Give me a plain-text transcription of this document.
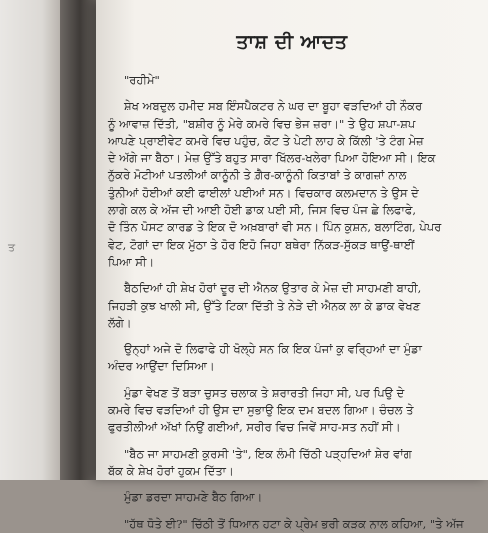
ਤ
ਤਾਸ਼ ਦੀ ਆਦਤ
"ਰਹੀਮੇ"
ਸ਼ੇਖ ਅਬਦੁਲ ਹਮੀਦ ਸਬ ਇੰਸਪੈਕਟਰ ਨੇ ਘਰ ਦਾ ਬੂਹਾ ਵੜਦਿਆਂ ਹੀ ਨੌਕਰ
ਨੂੰ ਆਵਾਜ਼ ਦਿੱਤੀ, "ਬਸ਼ੀਰ ਨੂੰ ਮੇਰੇ ਕਮਰੇ ਵਿਚ ਭੇਜ ਜ਼ਰਾ।" ਤੇ ਉਹ ਸ਼ਪਾ-ਸ਼ਪ
ਆਪਣੇ ਪ੍ਰਾਈਵੇਟ ਕਮਰੇ ਵਿਚ ਪਹੁੰਚ, ਕੋਟ ਤੇ ਪੇਟੀ ਲਾਹ ਕੇ ਕਿੱਲੀ 'ਤੇ ਟੰਗ ਮੇਜ਼
ਦੇ ਅੱਗੇ ਜਾ ਬੈਠਾ। ਮੇਜ਼ ਉੱਤੇ ਬਹੁਤ ਸਾਰਾ ਖਿੱਲਰ-ਖਲੇਰਾ ਪਿਆ ਹੋਇਆ ਸੀ। ਇਕ
ਨੁੱਕਰੇ ਮੋਟੀਆਂ ਪਤਲੀਆਂ ਕਾਨੂੰਨੀ ਤੇ ਗ਼ੈਰ-ਕਾਨੂੰਨੀ ਕਿਤਾਬਾਂ ਤੇ ਕਾਗਜ਼ਾਂ ਨਾਲ
ਤੁੰਨੀਆਂ ਹੋਈਆਂ ਕਈ ਫਾਈਲਾਂ ਪਈਆਂ ਸਨ। ਵਿਚਕਾਰ ਕਲਮਦਾਨ ਤੇ ਉਸ ਦੇ
ਲਾਗੇ ਕਲ ਕੇ ਅੱਜ ਦੀ ਆਈ ਹੋਈ ਡਾਕ ਪਈ ਸੀ, ਜਿਸ ਵਿਚ ਪੰਜ ਛੇ ਲਿਫਾਫੇ,
ਦੋ ਤਿੰਨ ਪੋਸਟ ਕਾਰਡ ਤੇ ਇਕ ਦੋ ਅਖ਼ਬਾਰਾਂ ਵੀ ਸਨ। ਪਿੰਨ ਕੁਸ਼ਨ, ਬਲਾਟਿੰਗ, ਪੇਪਰ
ਵੇਟ, ਟੋਗਾਂ ਦਾ ਇਕ ਮੁੱਠਾ ਤੇ ਹੋਰ ਇਹੋ ਜਿਹਾ ਬਥੇਰਾ ਨਿੱਕੜ-ਸੁੱਕੜ ਥਾਉਂ-ਥਾਈਂ
ਪਿਆ ਸੀ।
ਬੈਠਦਿਆਂ ਹੀ ਸ਼ੇਖ ਹੋਰਾਂ ਦੂਰ ਦੀ ਐਨਕ ਉਤਾਰ ਕੇ ਮੇਜ਼ ਦੀ ਸਾਹਮਣੀ ਬਾਹੀ,
ਜਿਹੜੀ ਕੁਝ ਖਾਲੀ ਸੀ, ਉੱਤੇ ਟਿਕਾ ਦਿੱਤੀ ਤੇ ਨੇੜੇ ਦੀ ਐਨਕ ਲਾ ਕੇ ਡਾਕ ਵੇਖਣ
ਲੱਗੇ।
ਉਨ੍ਹਾਂ ਅਜੇ ਦੋ ਲਿਫਾਫੇ ਹੀ ਖੋਲ੍ਹੇ ਸਨ ਕਿ ਇਕ ਪੰਜਾਂ ਕੁ ਵਰ੍ਹਿਆਂ ਦਾ ਮੁੰਡਾ
ਅੰਦਰ ਆਉਂਦਾ ਦਿਸਿਆ।
ਮੁੰਡਾ ਵੇਖਣ ਤੋਂ ਬੜਾ ਚੁਸਤ ਚਲਾਕ ਤੇ ਸ਼ਰਾਰਤੀ ਜਿਹਾ ਸੀ, ਪਰ ਪਿਉ ਦੇ
ਕਮਰੇ ਵਿਚ ਵੜਦਿਆਂ ਹੀ ਉਸ ਦਾ ਸੁਭਾਉ ਇਕ ਦਮ ਬਦਲ ਗਿਆ। ਚੰਚਲ ਤੇ
ਫੁਰਤੀਲੀਆਂ ਅੱਖਾਂ ਨਿਉਂ ਗਈਆਂ, ਸਰੀਰ ਵਿਚ ਜਿਵੇਂ ਸਾਹ-ਸਤ ਨਹੀਂ ਸੀ।
"ਬੈਠ ਜਾ ਸਾਹਮਣੀ ਕੁਰਸੀ 'ਤੇ", ਇਕ ਲੰਮੀ ਚਿੱਠੀ ਪੜ੍ਹਦਿਆਂ ਸ਼ੇਰ ਵਾਂਗ
ਬੱਕ ਕੇ ਸ਼ੇਖ ਹੋਰਾਂ ਹੁਕਮ ਦਿੱਤਾ।
ਮੁੰਡਾ ਡਰਦਾ ਸਾਹਮਣੇ ਬੈਠ ਗਿਆ।
"ਹੱਥ ਧੋਤੇ ਈ?" ਚਿੱਠੀ ਤੋਂ ਧਿਆਨ ਹਟਾ ਕੇ ਪ੍ਰੇਮ ਭਰੀ ਕੜਕ ਨਾਲ ਕਹਿਆ, "ਤੇ ਅੱਜ
